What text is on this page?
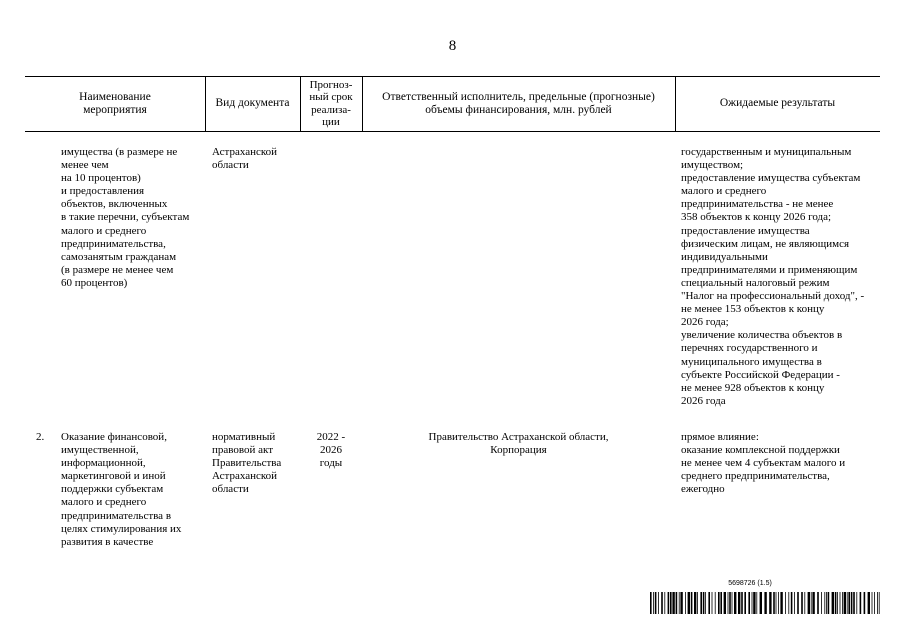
8
Наименование
мероприятия
Вид документа
Прогноз-
ный срок
реализа-
ции
Ответственный исполнитель, предельные (прогнозные)
объемы финансирования, млн. рублей
Ожидаемые результаты
имущества (в размере не
менее чем
на 10 процентов)
и предоставления
объектов, включенных
в такие перечни, субъектам
малого и среднего
предпринимательства,
самозанятым гражданам
(в размере не менее чем
60 процентов)
Астраханской
области
государственным и муниципальным
имуществом;
предоставление имущества субъектам
малого и среднего
предпринимательства - не менее
358 объектов к концу 2026 года;
предоставление имущества
физическим лицам, не являющимся
индивидуальными
предпринимателями и применяющим
специальный налоговый режим
"Налог на профессиональный доход", -
не менее 153 объектов к концу
2026 года;
увеличение количества объектов в
перечнях государственного и
муниципального имущества в
субъекте Российской Федерации -
не менее 928 объектов к концу
2026 года
2.	Оказание финансовой,
имущественной,
информационной,
маркетинговой и иной
поддержки субъектам
малого и среднего
предпринимательства в
целях стимулирования их
развития в качестве
нормативный
правовой акт
Правительства
Астраханской
области
2022 -
2026
годы
Правительство Астраханской области,
Корпорация
прямое влияние:
оказание комплексной поддержки
не менее чем 4 субъектам малого и
среднего предпринимательства,
ежегодно
5698726 (1.5)
